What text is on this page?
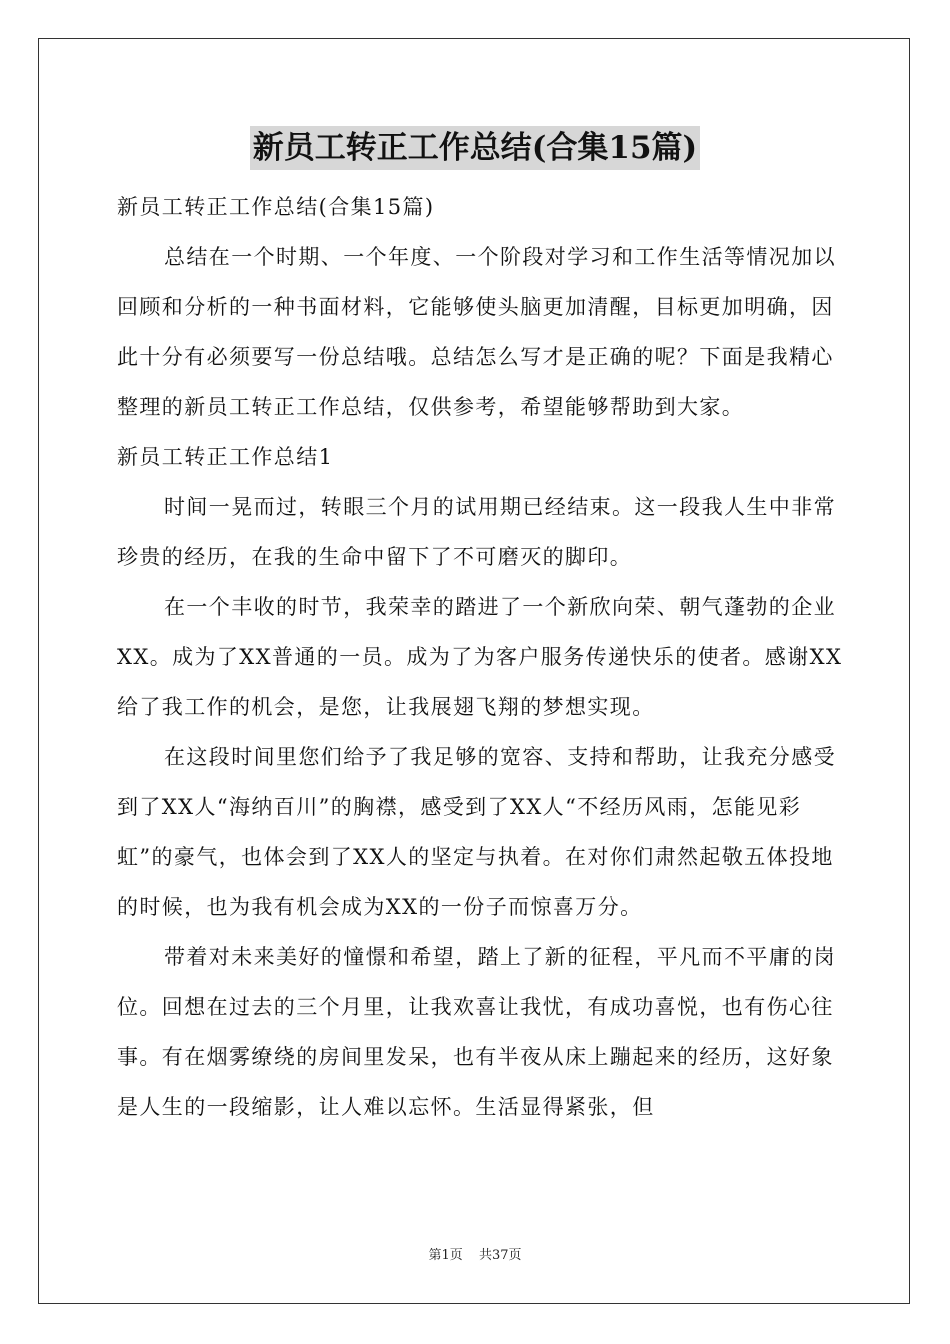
新员工转正工作总结(合集15篇)

新员工转正工作总结(合集15篇)

总结在一个时期、一个年度、一个阶段对学习和工作生活等情况加以回顾和分析的一种书面材料，它能够使头脑更加清醒，目标更加明确，因此十分有必须要写一份总结哦。总结怎么写才是正确的呢？下面是我精心整理的新员工转正工作总结，仅供参考，希望能够帮助到大家。

新员工转正工作总结1

时间一晃而过，转眼三个月的试用期已经结束。这一段我人生中非常珍贵的经历，在我的生命中留下了不可磨灭的脚印。

在一个丰收的时节，我荣幸的踏进了一个新欣向荣、朝气蓬勃的企业XX。成为了XX普通的一员。成为了为客户服务传递快乐的使者。感谢XX给了我工作的机会，是您，让我展翅飞翔的梦想实现。

在这段时间里您们给予了我足够的宽容、支持和帮助，让我充分感受到了XX人“海纳百川”的胸襟，感受到了XX人“不经历风雨，怎能见彩虹”的豪气，也体会到了XX人的坚定与执着。在对你们肃然起敬五体投地的时候，也为我有机会成为XX的一份子而惊喜万分。

带着对未来美好的憧憬和希望，踏上了新的征程，平凡而不平庸的岗位。回想在过去的三个月里，让我欢喜让我忧，有成功喜悦，也有伤心往事。有在烟雾缭绕的房间里发呆，也有半夜从床上蹦起来的经历，这好象是人生的一段缩影，让人难以忘怀。生活显得紧张，但

第1页 共37页
